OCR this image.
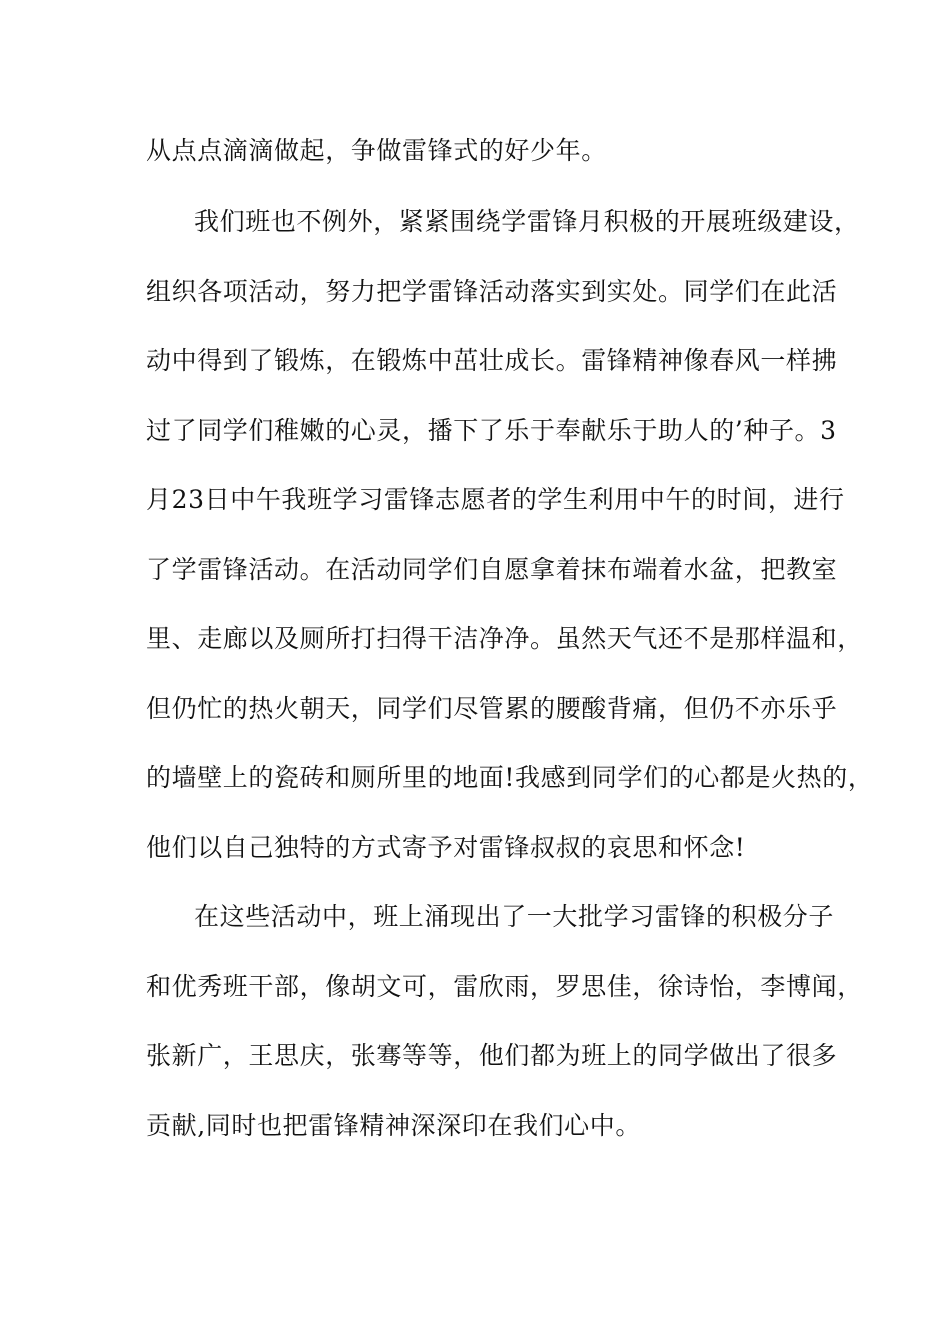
从点点滴滴做起，争做雷锋式的好少年。
我们班也不例外，紧紧围绕学雷锋月积极的开展班级建设，
组织各项活动，努力把学雷锋活动落实到实处。同学们在此活
动中得到了锻炼，在锻炼中茁壮成长。雷锋精神像春风一样拂
过了同学们稚嫩的心灵，播下了乐于奉献乐于助人的’种子。3
月23日中午我班学习雷锋志愿者的学生利用中午的时间，进行
了学雷锋活动。在活动同学们自愿拿着抹布端着水盆，把教室
里、走廊以及厕所打扫得干洁净净。虽然天气还不是那样温和，
但仍忙的热火朝天，同学们尽管累的腰酸背痛，但仍不亦乐乎
的墙壁上的瓷砖和厕所里的地面!我感到同学们的心都是火热的，
他们以自己独特的方式寄予对雷锋叔叔的哀思和怀念!
在这些活动中，班上涌现出了一大批学习雷锋的积极分子
和优秀班干部，像胡文可，雷欣雨，罗思佳，徐诗怡，李博闻，
张新广，王思庆，张骞等等，他们都为班上的同学做出了很多
贡献,同时也把雷锋精神深深印在我们心中。
